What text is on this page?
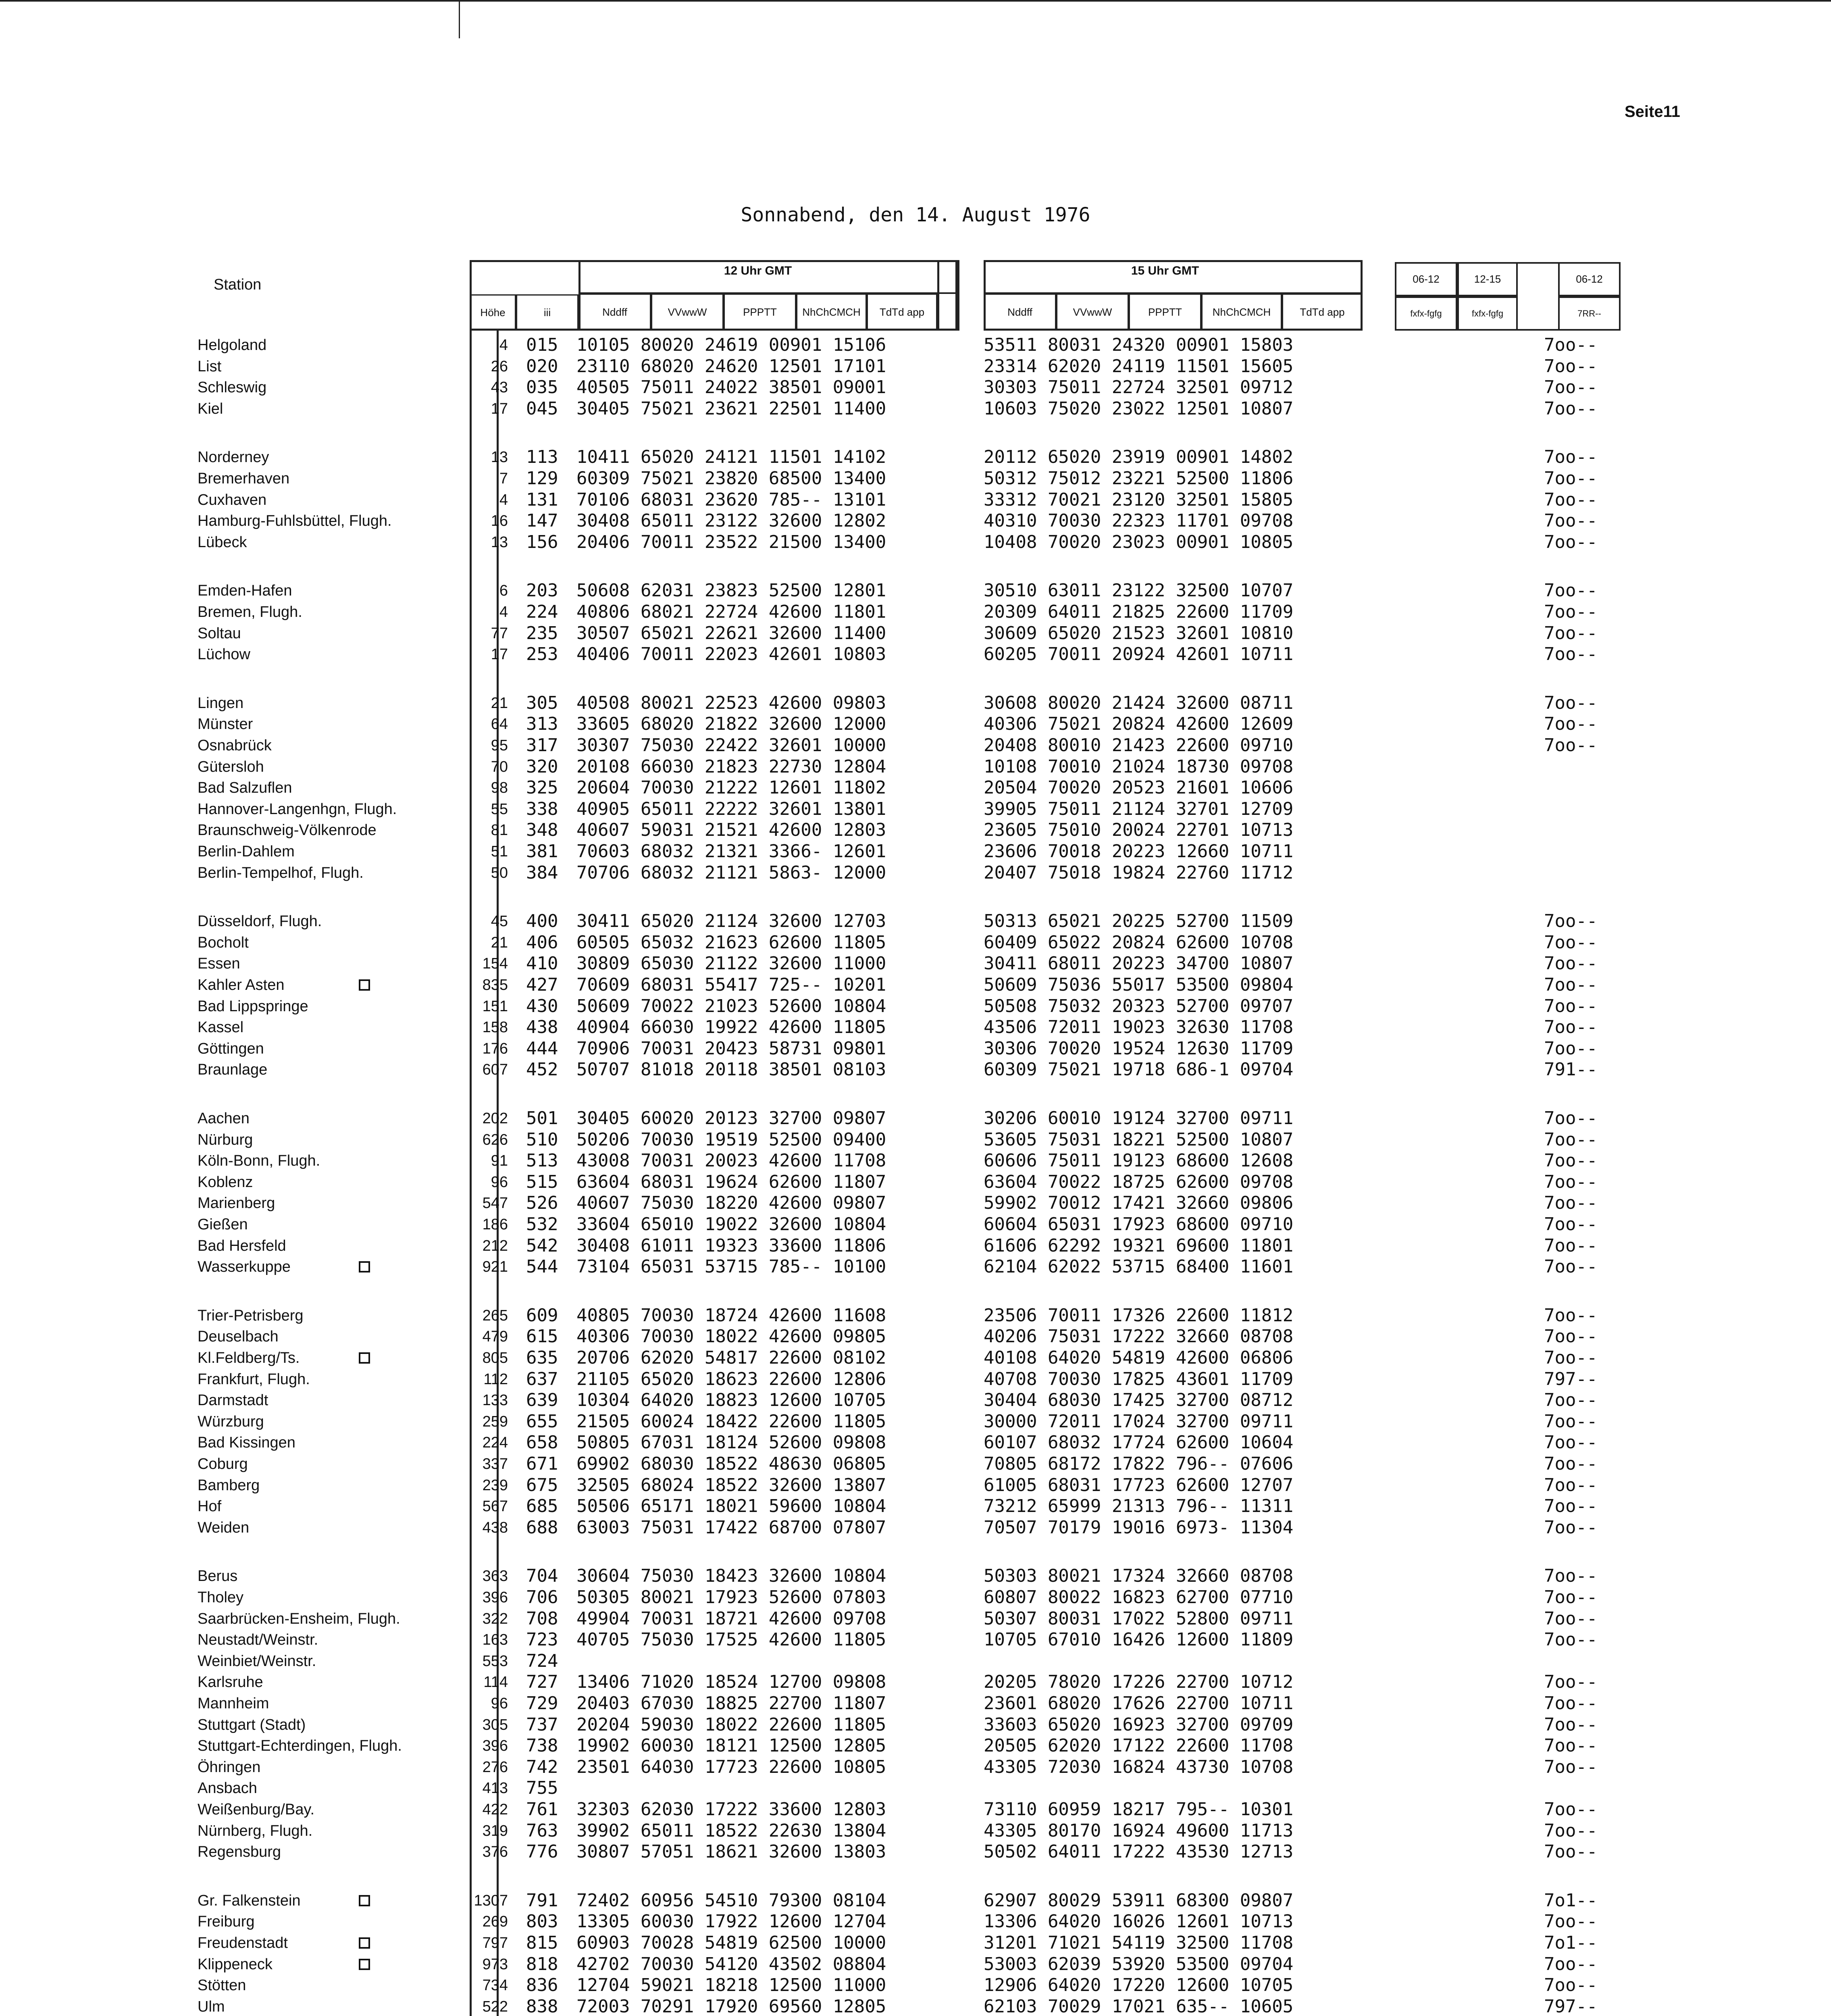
Seite11
Sonnabend, den 14. August 1976
Station
Höhe	iii
12 Uhr GMT
Nddff	VVwwW	PPPTT	NhChCMCH	TdTd app
15 Uhr GMT
Nddff	VVwwW	PPPTT	NhChCMCH	TdTd app
06-12	12-15	06-12
fxfx-fgfg	fxfx-fgfg	7RR--
Helgoland	4 015 10105 80020 24619 00901 15106	53511 80031 24320 00901 15803	7oo--
List	26 020 23110 68020 24620 12501 17101	23314 62020 24119 11501 15605	7oo--
Schleswig	43 035 40505 75011 24022 38501 09001	30303 75011 22724 32501 09712	7oo--
Kiel	17 045 30405 75021 23621 22501 11400	10603 75020 23022 12501 10807	7oo--
Norderney	13 113 10411 65020 24121 11501 14102	20112 65020 23919 00901 14802	7oo--
Bremerhaven	7 129 60309 75021 23820 68500 13400	50312 75012 23221 52500 11806	7oo--
Cuxhaven	4 131 70106 68031 23620 785-- 13101	33312 70021 23120 32501 15805	7oo--
Hamburg-Fuhlsbüttel, Flugh.	16 147 30408 65011 23122 32600 12802	40310 70030 22323 11701 09708	7oo--
Lübeck	13 156 20406 70011 23522 21500 13400	10408 70020 23023 00901 10805	7oo--
Emden-Hafen	6 203 50608 62031 23823 52500 12801	30510 63011 23122 32500 10707	7oo--
Bremen, Flugh.	4 224 40806 68021 22724 42600 11801	20309 64011 21825 22600 11709	7oo--
Soltau	77 235 30507 65021 22621 32600 11400	30609 65020 21523 32601 10810	7oo--
Lüchow	17 253 40406 70011 22023 42601 10803	60205 70011 20924 42601 10711	7oo--
Lingen	21 305 40508 80021 22523 42600 09803	30608 80020 21424 32600 08711	7oo--
Münster	64 313 33605 68020 21822 32600 12000	40306 75021 20824 42600 12609	7oo--
Osnabrück	95 317 30307 75030 22422 32601 10000	20408 80010 21423 22600 09710	7oo--
Gütersloh	70 320 20108 66030 21823 22730 12804	10108 70010 21024 18730 09708
Bad Salzuflen	98 325 20604 70030 21222 12601 11802	20504 70020 20523 21601 10606
Hannover-Langenhgn, Flugh.	55 338 40905 65011 22222 32601 13801	39905 75011 21124 32701 12709
Braunschweig-Völkenrode	81 348 40607 59031 21521 42600 12803	23605 75010 20024 22701 10713
Berlin-Dahlem	51 381 70603 68032 21321 3366- 12601	23606 70018 20223 12660 10711
Berlin-Tempelhof, Flugh.	50 384 70706 68032 21121 5863- 12000	20407 75018 19824 22760 11712
Düsseldorf, Flugh.	45 400 30411 65020 21124 32600 12703	50313 65021 20225 52700 11509	7oo--
Bocholt	21 406 60505 65032 21623 62600 11805	60409 65022 20824 62600 10708	7oo--
Essen	154 410 30809 65030 21122 32600 11000	30411 68011 20223 34700 10807	7oo--
Kahler Asten	835 427 70609 68031 55417 725-- 10201	50609 75036 55017 53500 09804	7oo--
Bad Lippspringe	151 430 50609 70022 21023 52600 10804	50508 75032 20323 52700 09707	7oo--
Kassel	158 438 40904 66030 19922 42600 11805	43506 72011 19023 32630 11708	7oo--
Göttingen	176 444 70906 70031 20423 58731 09801	30306 70020 19524 12630 11709	7oo--
Braunlage	607 452 50707 81018 20118 38501 08103	60309 75021 19718 686-1 09704	791--
Aachen	202 501 30405 60020 20123 32700 09807	30206 60010 19124 32700 09711	7oo--
Nürburg	626 510 50206 70030 19519 52500 09400	53605 75031 18221 52500 10807	7oo--
Köln-Bonn, Flugh.	91 513 43008 70031 20023 42600 11708	60606 75011 19123 68600 12608	7oo--
Koblenz	96 515 63604 68031 19624 62600 11807	63604 70022 18725 62600 09708	7oo--
Marienberg	547 526 40607 75030 18220 42600 09807	59902 70012 17421 32660 09806	7oo--
Gießen	186 532 33604 65010 19022 32600 10804	60604 65031 17923 68600 09710	7oo--
Bad Hersfeld	212 542 30408 61011 19323 33600 11806	61606 62292 19321 69600 11801	7oo--
Wasserkuppe	921 544 73104 65031 53715 785-- 10100	62104 62022 53715 68400 11601	7oo--
Trier-Petrisberg	265 609 40805 70030 18724 42600 11608	23506 70011 17326 22600 11812	7oo--
Deuselbach	479 615 40306 70030 18022 42600 09805	40206 75031 17222 32660 08708	7oo--
Kl.Feldberg/Ts.	805 635 20706 62020 54817 22600 08102	40108 64020 54819 42600 06806	7oo--
Frankfurt, Flugh.	112 637 21105 65020 18623 22600 12806	40708 70030 17825 43601 11709	797--
Darmstadt	133 639 10304 64020 18823 12600 10705	30404 68030 17425 32700 08712	7oo--
Würzburg	259 655 21505 60024 18422 22600 11805	30000 72011 17024 32700 09711	7oo--
Bad Kissingen	224 658 50805 67031 18124 52600 09808	60107 68032 17724 62600 10604	7oo--
Coburg	337 671 69902 68030 18522 48630 06805	70805 68172 17822 796-- 07606	7oo--
Bamberg	239 675 32505 68024 18522 32600 13807	61005 68031 17723 62600 12707	7oo--
Hof	567 685 50506 65171 18021 59600 10804	73212 65999 21313 796-- 11311	7oo--
Weiden	438 688 63003 75031 17422 68700 07807	70507 70179 19016 6973- 11304	7oo--
Berus	363 704 30604 75030 18423 32600 10804	50303 80021 17324 32660 08708	7oo--
Tholey	396 706 50305 80021 17923 52600 07803	60807 80022 16823 62700 07710	7oo--
Saarbrücken-Ensheim, Flugh.	322 708 49904 70031 18721 42600 09708	50307 80031 17022 52800 09711	7oo--
Neustadt/Weinstr.	163 723 40705 75030 17525 42600 11805	10705 67010 16426 12600 11809	7oo--
Weinbiet/Weinstr.	553 724
Karlsruhe	114 727 13406 71020 18524 12700 09808	20205 78020 17226 22700 10712	7oo--
Mannheim	96 729 20403 67030 18825 22700 11807	23601 68020 17626 22700 10711	7oo--
Stuttgart (Stadt)	305 737 20204 59030 18022 22600 11805	33603 65020 16923 32700 09709	7oo--
Stuttgart-Echterdingen, Flugh.	396 738 19902 60030 18121 12500 12805	20505 62020 17122 22600 11708	7oo--
Öhringen	276 742 23501 64030 17723 22600 10805	43305 72030 16824 43730 10708	7oo--
Ansbach	413 755
Weißenburg/Bay.	422 761 32303 62030 17222 33600 12803	73110 60959 18217 795-- 10301	7oo--
Nürnberg, Flugh.	319 763 39902 65011 18522 22630 13804	43305 80170 16924 49600 11713	7oo--
Regensburg	376 776 30807 57051 18621 32600 13803	50502 64011 17222 43530 12713	7oo--
Gr. Falkenstein	1307 791 72402 60956 54510 79300 08104	62907 80029 53911 68300 09807	7o1--
Freiburg	269 803 13305 60030 17922 12600 12704	13306 64020 16026 12601 10713	7oo--
Freudenstadt	797 815 60903 70028 54819 62500 10000	31201 71021 54119 32500 11708	7o1--
Klippeneck	973 818 42702 70030 54120 43502 08804	53003 62039 53920 53500 09704	7oo--
Stötten	734 836 12704 59021 18218 12500 11000	12906 64020 17220 12600 10705	7oo--
Ulm	522 838 72003 70291 17920 69560 12805	62103 70029 17021 635-- 10605	797--
